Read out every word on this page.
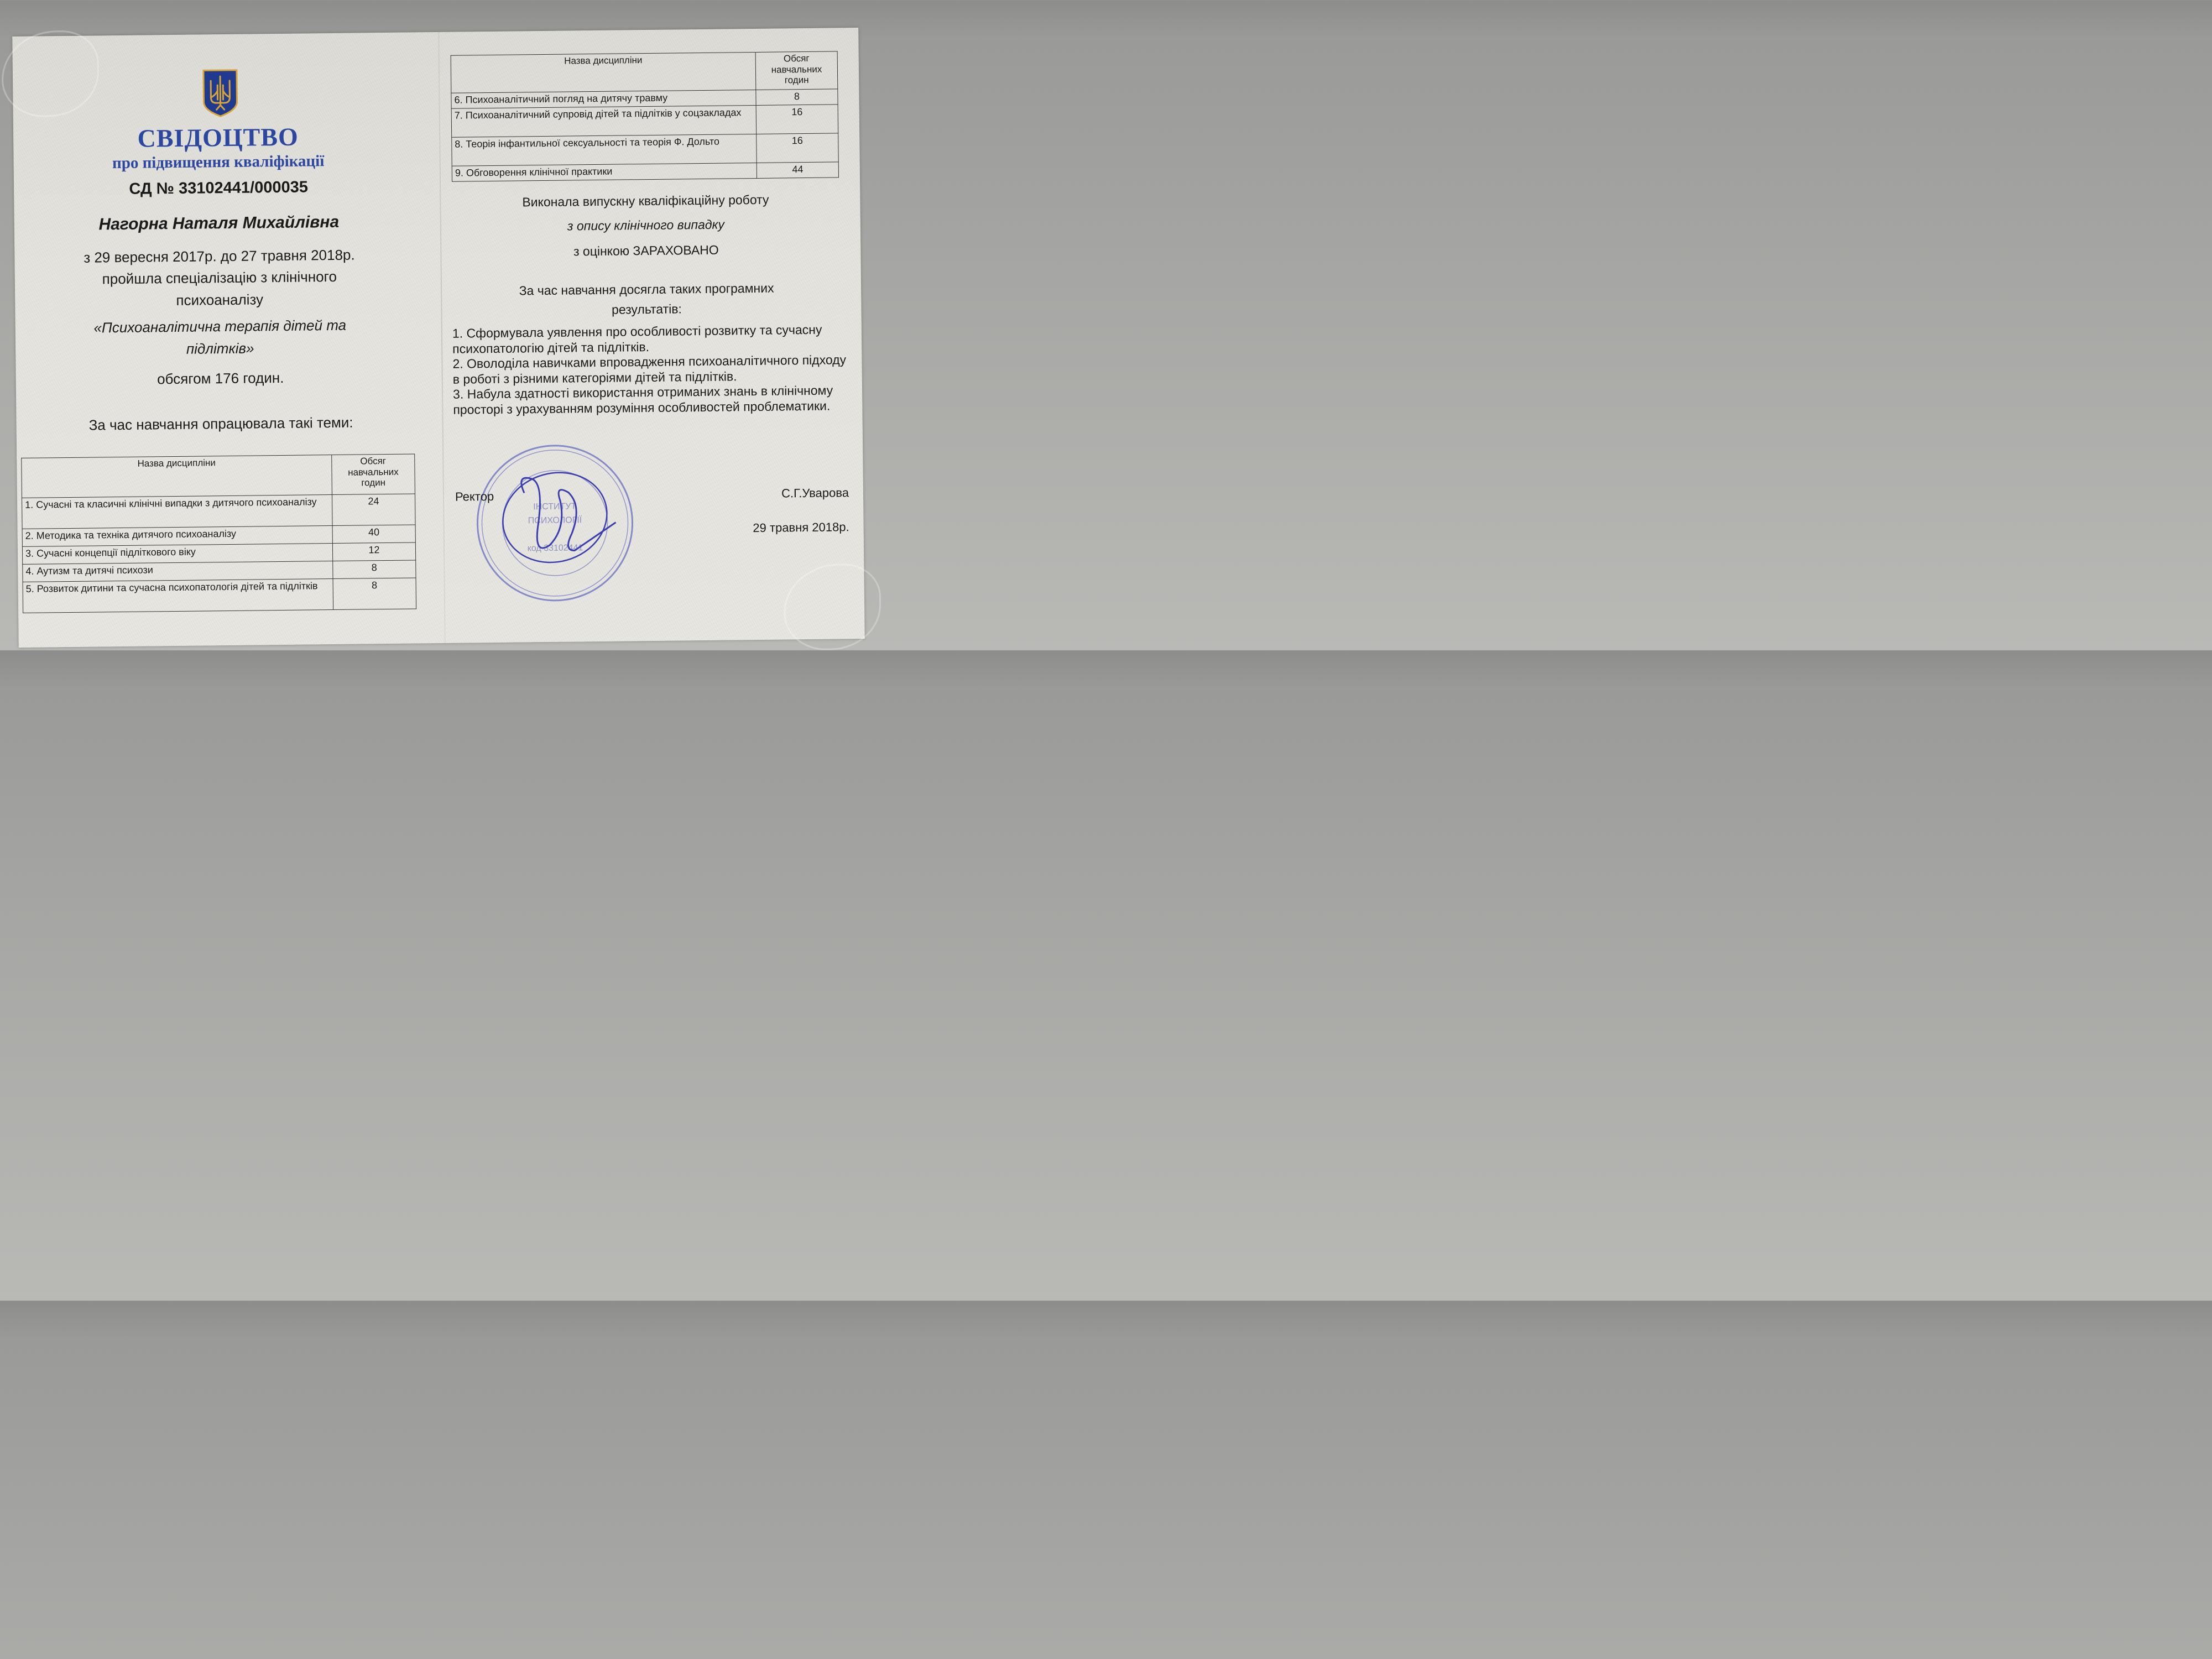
СВІДОЦТВО
про підвищення кваліфікації
СД № 33102441/000035
Нагорна Наталя Михайлівна
з 29 вересня 2017р. до 27 травня 2018р.
пройшла спеціалізацію з клінічного
психоаналізу
«Психоаналітична терапія дітей та
підлітків»
обсягом 176 годин.
За час навчання опрацювала такі теми:
Назва дисципліни	Обсяг навчальних годин
1. Сучасні та класичні клінічні випадки з дитячого психоаналізу	24
2. Методика та техніка дитячого психоаналізу	40
3. Сучасні концепції підліткового віку	12
4. Аутизм та дитячі психози	8
5. Розвиток дитини та сучасна психопатологія дітей та підлітків	8
Назва дисципліни	Обсяг навчальних годин
6. Психоаналітичний погляд на дитячу травму	8
7. Психоаналітичний супровід дітей та підлітків у соцзакладах	16
8. Теорія інфантильної сексуальності та теорія Ф. Дольто	16
9. Обговорення клінічної практики	44
Виконала випускну кваліфікаційну роботу
з опису клінічного випадку
з оцінкою ЗАРАХОВАНО
За час навчання досягла таких програмних
результатів:
1. Сформувала уявлення про особливості розвитку та сучасну психопатологію дітей та підлітків.
2. Оволоділа навичками впровадження психоаналітичного підходу в роботі з різними категоріями дітей та підлітків.
3. Набула здатності використання отриманих знань в клінічному просторі з урахуванням розуміння особливостей проблематики.
ІНСТИТУТ
ПСИХОЛОГІЇ
код 33102441
Ректор	С.Г.Уварова
29 травня 2018р.
